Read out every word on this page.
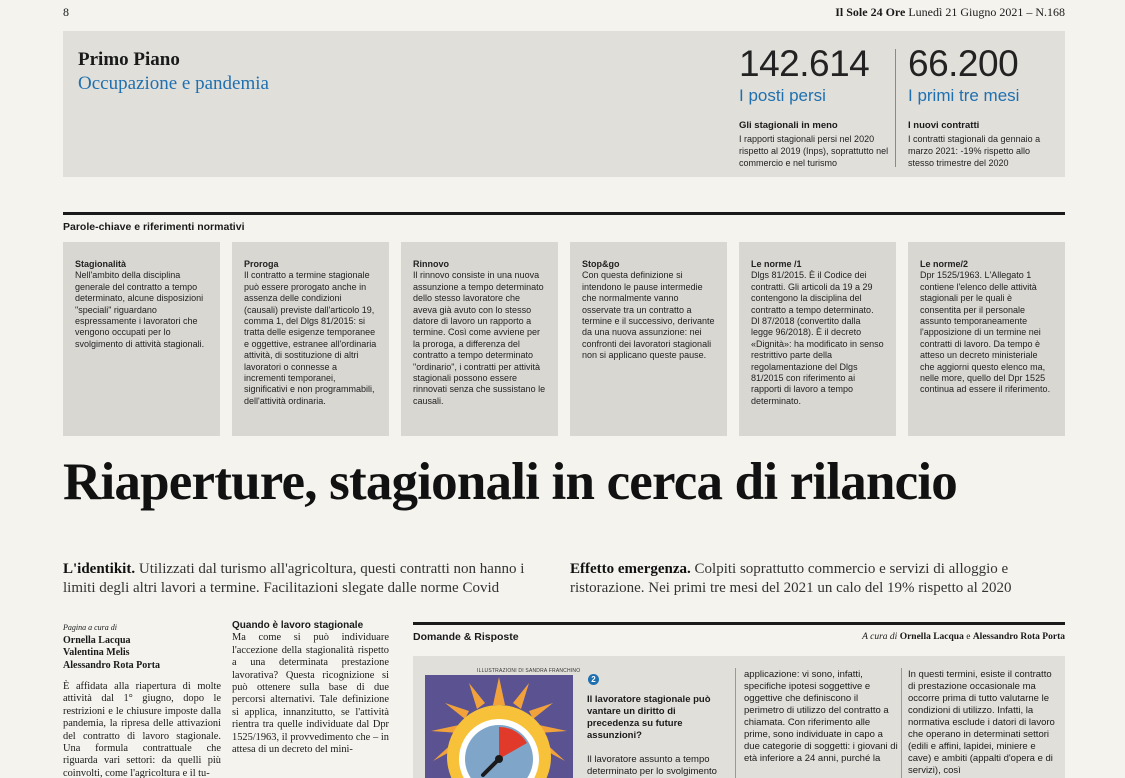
8	Il Sole 24 Ore Lunedì 21 Giugno 2021 – N.168
Primo Piano
Occupazione e pandemia	142.614
I posti persi
Gli stagionali in meno
I rapporti stagionali persi nel 2020 rispetto al 2019 (Inps), soprattutto nel commercio e nel turismo
66.200
I primi tre mesi
I nuovi contratti
I contratti stagionali da gennaio a marzo 2021: -19% rispetto allo stesso trimestre del 2020
Parole-chiave e riferimenti normativi
Stagionalità
Nell'ambito della disciplina generale del contratto a tempo determinato, alcune disposizioni "speciali" riguardano espressamente i lavoratori che vengono occupati per lo svolgimento di attività stagionali.
Proroga
Il contratto a termine stagionale può essere prorogato anche in assenza delle condizioni (causali) previste dall'articolo 19, comma 1, del Dlgs 81/2015: si tratta delle esigenze temporanee e oggettive, estranee all'ordinaria attività, di sostituzione di altri lavoratori o connesse a incrementi temporanei, significativi e non programmabili, dell'attività ordinaria.
Rinnovo
Il rinnovo consiste in una nuova assunzione a tempo determinato dello stesso lavoratore che aveva già avuto con lo stesso datore di lavoro un rapporto a termine. Così come avviene per la proroga, a differenza del contratto a tempo determinato "ordinario", i contratti per attività stagionali possono essere rinnovati senza che sussistano le causali.
Stop&go
Con questa definizione si intendono le pause intermedie che normalmente vanno osservate tra un contratto a termine e il successivo, derivante da una nuova assunzione: nei confronti dei lavoratori stagionali non si applicano queste pause.
Le norme /1
Dlgs 81/2015. È il Codice dei contratti. Gli articoli da 19 a 29 contengono la disciplina del contratto a tempo determinato. Dl 87/2018 (convertito dalla legge 96/2018). È il decreto «Dignità»: ha modificato in senso restrittivo parte della regolamentazione del Dlgs 81/2015 con riferimento ai rapporti di lavoro a tempo determinato.
Le norme/2
Dpr 1525/1963. L'Allegato 1 contiene l'elenco delle attività stagionali per le quali è consentita per il personale assunto temporaneamente l'apposizione di un termine nei contratti di lavoro. Da tempo è atteso un decreto ministeriale che aggiorni questo elenco ma, nelle more, quello del Dpr 1525 continua ad essere il riferimento.
Riaperture, stagionali in cerca di rilancio

L'identikit. Utilizzati dal turismo all'agricoltura, questi contratti non hanno i limiti degli altri lavori a termine. Facilitazioni slegate dalle norme Covid

Effetto emergenza. Colpiti soprattutto commercio e servizi di alloggio e ristorazione. Nei primi tre mesi del 2021 un calo del 19% rispetto al 2020

Pagina a cura di
Ornella Lacqua
Valentina Melis
Alessandro Rota Porta
È affidata alla riapertura di molte attività dal 1° giugno, dopo le restrizioni e le chiusure imposte dalla pandemia, la ripresa delle attivazioni del contratto di lavoro stagionale. Una formula contrattuale che riguarda vari settori: da quelli più coinvolti, come l'agricoltura e il tu-
Quando è lavoro stagionale
Ma come si può individuare l'accezione della stagionalità rispetto a una determinata prestazione lavorativa? Questa ricognizione si può ottenere sulla base di due percorsi alternativi. Tale definizione si applica, innanzitutto, se l'attività rientra tra quelle individuate dal Dpr 1525/1963, il provvedimento che – in attesa di un decreto del mini-
Domande & Risposte	A cura di Ornella Lacqua e Alessandro Rota Porta
ILLUSTRAZIONI DI SANDRA FRANCHINO
2
Il lavoratore stagionale può vantare un diritto di precedenza su future assunzioni?
Il lavoratore assunto a tempo determinato per lo svolgimento
applicazione: vi sono, infatti, specifiche ipotesi soggettive e oggettive che definiscono il perimetro di utilizzo del contratto a chiamata. Con riferimento alle prime, sono individuate in capo a due categorie di soggetti: i giovani di età inferiore a 24 anni, purché la
In questi termini, esiste il contratto di prestazione occasionale ma occorre prima di tutto valutarne le condizioni di utilizzo. Infatti, la normativa esclude i datori di lavoro che operano in determinati settori (edili e affini, lapidei, miniere e cave) e ambiti (appalti d'opera e di servizi), così
